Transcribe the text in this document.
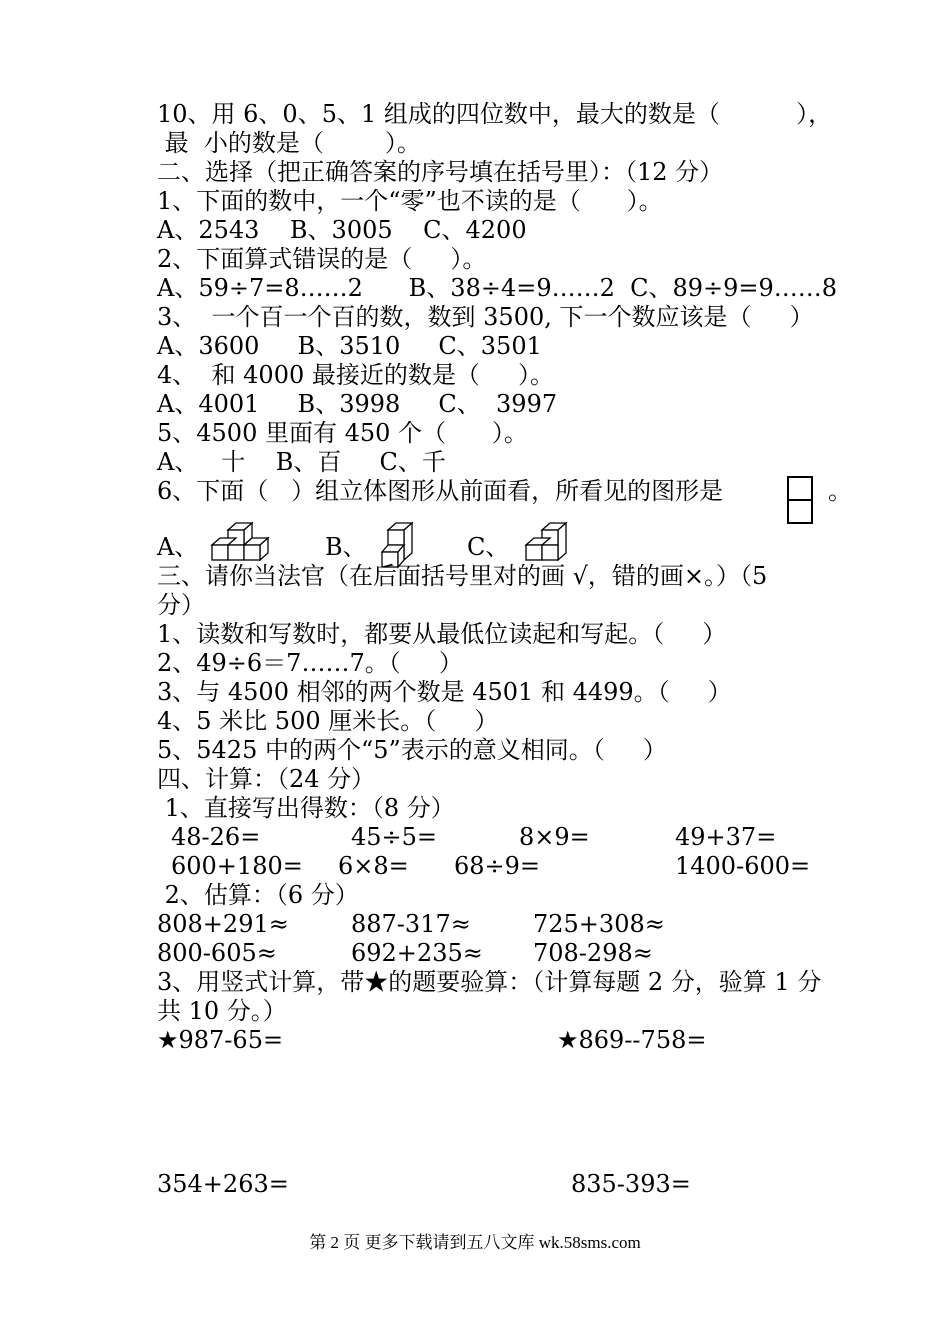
10、用 6、0、5、1 组成的四位数中，最大的数是（          ），
最  小的数是（        ）。
二、选择（把正确答案的序号填在括号里）：（12 分）
1、下面的数中，一个“零”也不读的是（      ）。
A、2543    B、3005    C、4200
2、下面算式错误的是（     ）。
A、59÷7=8……2      B、38÷4=9……2  C、89÷9=9……8
3、  一个百一个百的数，数到 3500, 下一个数应该是（     ）
A、3600     B、3510     C、3501
4、  和 4000 最接近的数是（     ）。
A、4001     B、3998     C、  3997
5、4500 里面有 450 个（      ）。
A、   十    B、百     C、千
6、下面（   ）组立体图形从前面看，所看见的图形是	。
A、	B、	C、
三、请你当法官（在后面括号里对的画 √，错的画×。）（5
分）
1、读数和写数时，都要从最低位读起和写起。（     ）
2、49÷6＝7……7。（     ）
3、与 4500 相邻的两个数是 4501 和 4499。（     ）
4、5 米比 500 厘米长。（     ）
5、5425 中的两个“5”表示的意义相同。（     ）
四、计算：（24 分）
1、直接写出得数：（8 分）
48-26=	45÷5=	8×9=	49+37=
600+180= 6×8= 68÷9=	1400-600=
2、估算：（6 分）
808+291≈	887-317≈	725+308≈
800-605≈	692+235≈ 708-298≈
3、用竖式计算，带★的题要验算：（计算每题 2 分，验算 1 分
共 10 分。）
★987-65=	★869--758=
354+263=	835-393=
第 2 页 更多下载请到五八文库 wk.58sms.com
